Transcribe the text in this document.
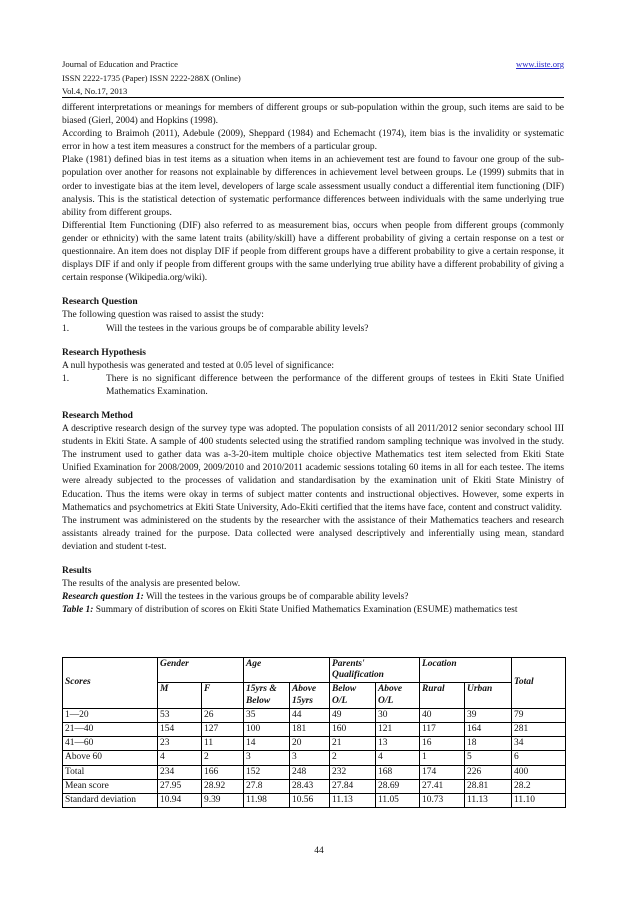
Journal of Education and Practice
ISSN 2222-1735 (Paper) ISSN 2222-288X (Online)
Vol.4, No.17, 2013
www.iiste.org

different interpretations or meanings for members of different groups or sub-population within the group, such items are said to be biased (Gierl, 2004) and Hopkins (1998).

According to Braimoh (2011), Adebule (2009), Sheppard (1984) and Echemacht (1974), item bias is the invalidity or systematic error in how a test item measures a construct for the members of a particular group.

Plake (1981) defined bias in test items as a situation when items in an achievement test are found to favour one group of the sub-population over another for reasons not explainable by differences in achievement level between groups. Le (1999) submits that in order to investigate bias at the item level, developers of large scale assessment usually conduct a differential item functioning (DIF) analysis. This is the statistical detection of systematic performance differences between individuals with the same underlying true ability from different groups.

Differential Item Functioning (DIF) also referred to as measurement bias, occurs when people from different groups (commonly gender or ethnicity) with the same latent traits (ability/skill) have a different probability of giving a certain response on a test or questionnaire. An item does not display DIF if people from different groups have a different probability to give a certain response, it displays DIF if and only if people from different groups with the same underlying true ability have a different probability of giving a certain response (Wikipedia.org/wiki).

Research Question

The following question was raised to assist the study:

1.	Will the testees in the various groups be of comparable ability levels?
Research Hypothesis

A null hypothesis was generated and tested at 0.05 level of significance:

1.	There is no significant difference between the performance of the different groups of testees in Ekiti State Unified Mathematics Examination.
Research Method

A descriptive research design of the survey type was adopted. The population consists of all 2011/2012 senior secondary school III students in Ekiti State. A sample of 400 students selected using the stratified random sampling technique was involved in the study. The instrument used to gather data was a-3-20-item multiple choice objective Mathematics test item selected from Ekiti State Unified Examination for 2008/2009, 2009/2010 and 2010/2011 academic sessions totaling 60 items in all for each testee. The items were already subjected to the processes of validation and standardisation by the examination unit of Ekiti State Ministry of Education. Thus the items were okay in terms of subject matter contents and instructional objectives. However, some experts in Mathematics and psychometrics at Ekiti State University, Ado-Ekiti certified that the items have face, content and construct validity.

The instrument was administered on the students by the researcher with the assistance of their Mathematics teachers and research assistants already trained for the purpose. Data collected were analysed descriptively and inferentially using mean, standard deviation and student t-test.

Results

The results of the analysis are presented below.

Research question 1: Will the testees in the various groups be of comparable ability levels?

Table 1: Summary of distribution of scores on Ekiti State Unified Mathematics Examination (ESUME) mathematics test

Scores	Gender		Age		Parents' Qualification		Location		Total
	M	F	15yrs & Below	Above 15yrs	Below O/L	Above O/L	Rural	Urban	
1—20	53	26	35	44	49	30	40	39	79
21—40	154	127	100	181	160	121	117	164	281
41—60	23	11	14	20	21	13	16	18	34
Above 60	4	2	3	3	2	4	1	5	6
Total	234	166	152	248	232	168	174	226	400
Mean score	27.95	28.92	27.8	28.43	27.84	28.69	27.41	28.81	28.2
Standard deviation	10.94	9.39	11.98	10.56	11.13	11.05	10.73	11.13	11.10
44
